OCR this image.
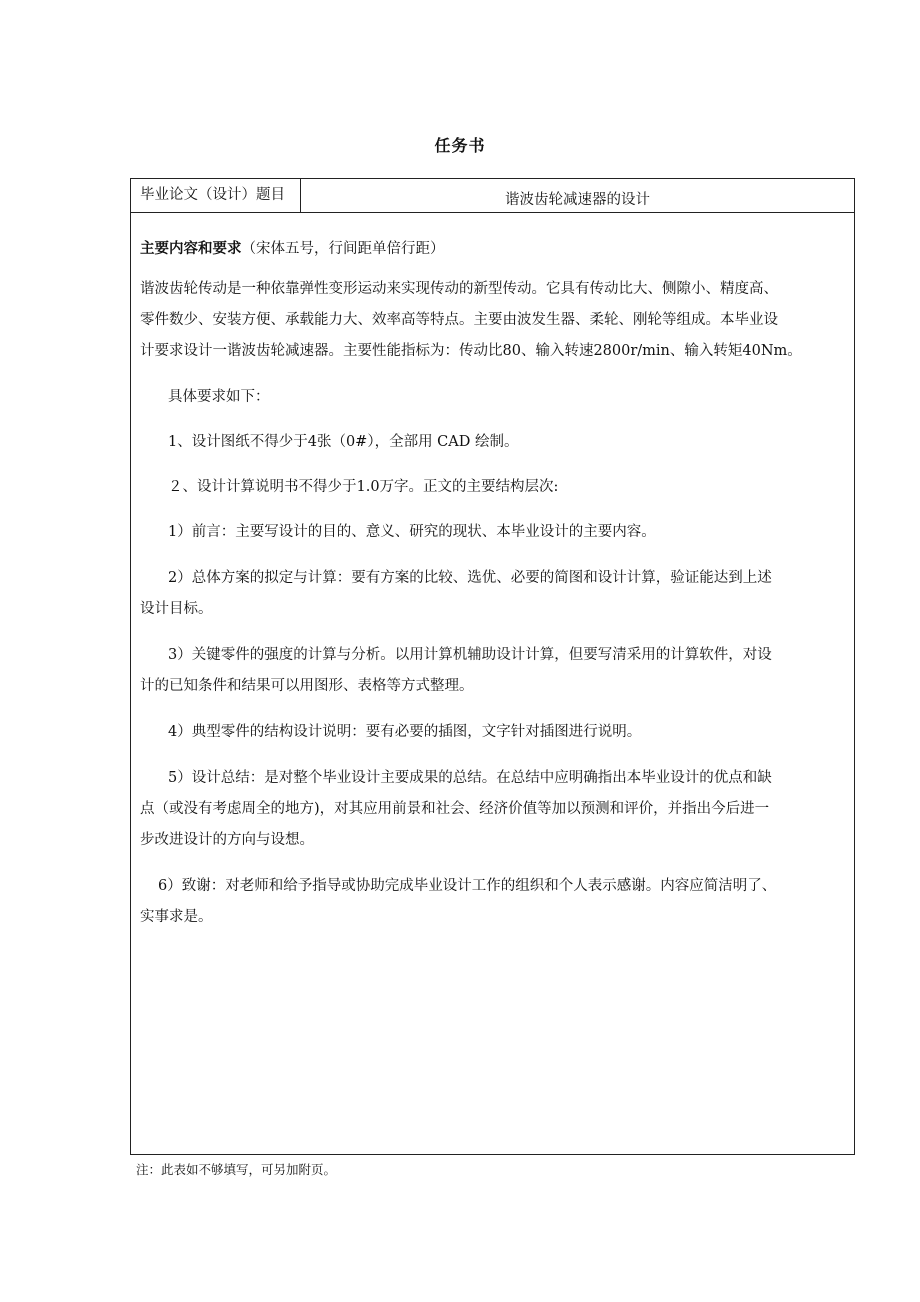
任务书
毕业论文（设计）题目	谐波齿轮减速器的设计
主要内容和要求（宋体五号，行间距单倍行距）
谐波齿轮传动是一种依靠弹性变形运动来实现传动的新型传动。它具有传动比大、侧隙小、精度高、
零件数少、安装方便、承载能力大、效率高等特点。主要由波发生器、柔轮、刚轮等组成。本毕业设
计要求设计一谐波齿轮减速器。主要性能指标为：传动比80、输入转速2800r/min、输入转矩40Nm。
具体要求如下：
1、设计图纸不得少于4张（0#），全部用 CAD 绘制。
２、设计计算说明书不得少于1.0万字。正文的主要结构层次:
1）前言：主要写设计的目的、意义、研究的现状、本毕业设计的主要内容。
2）总体方案的拟定与计算：要有方案的比较、选优、必要的简图和设计计算，验证能达到上述
设计目标。
3）关键零件的强度的计算与分析。以用计算机辅助设计计算，但要写清采用的计算软件，对设
计的已知条件和结果可以用图形、表格等方式整理。
4）典型零件的结构设计说明：要有必要的插图，文字针对插图进行说明。
5）设计总结：是对整个毕业设计主要成果的总结。在总结中应明确指出本毕业设计的优点和缺
点（或没有考虑周全的地方)，对其应用前景和社会、经济价值等加以预测和评价，并指出今后进一
步改进设计的方向与设想。
6）致谢：对老师和给予指导或协助完成毕业设计工作的组织和个人表示感谢。内容应简洁明了、
实事求是。
注：此表如不够填写，可另加附页。
